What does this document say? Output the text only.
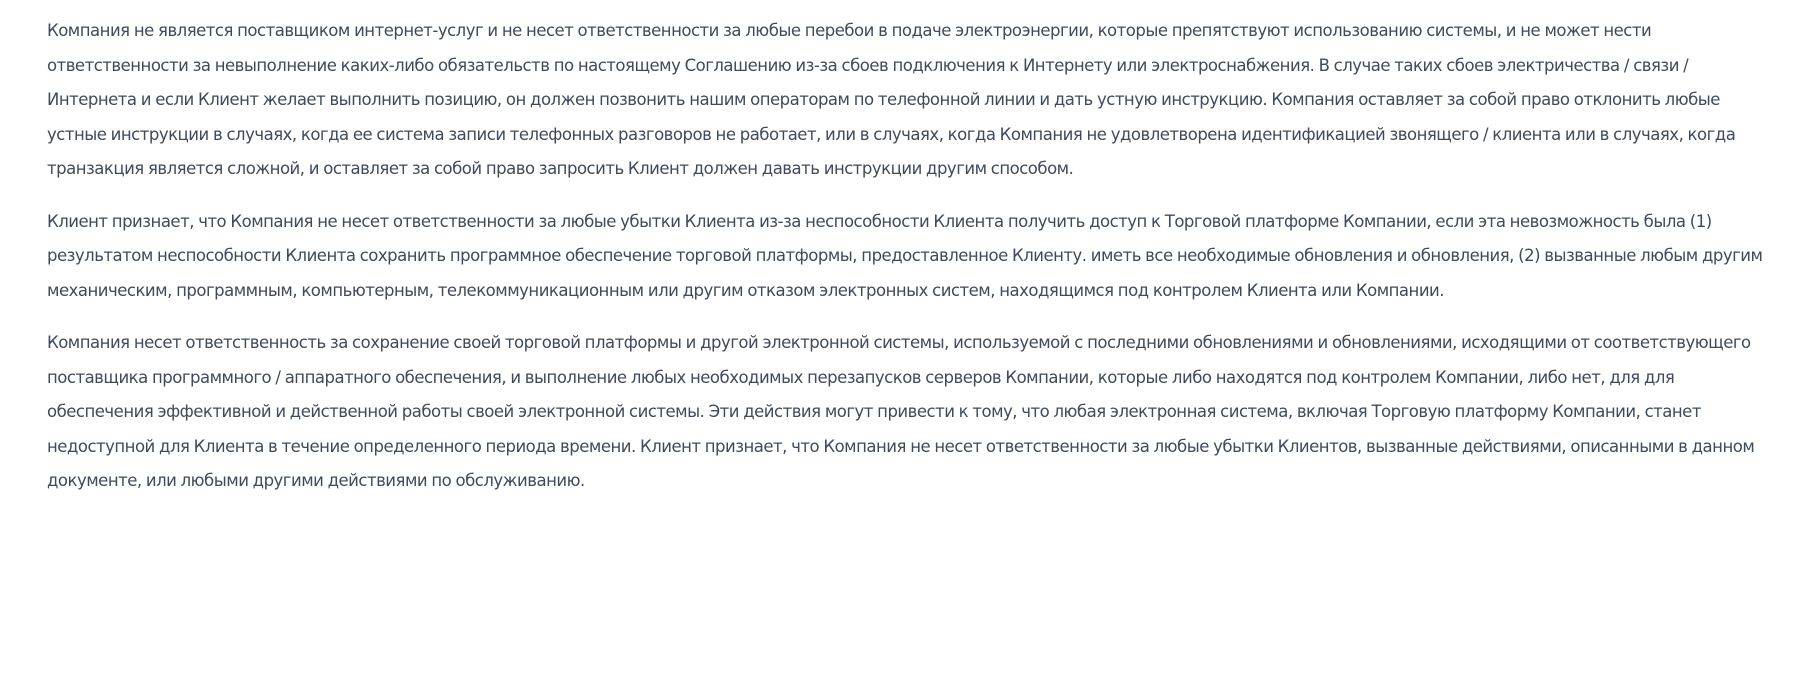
Компания не является поставщиком интернет-услуг и не несет ответственности за любые перебои в подаче электроэнергии, которые препятствуют использованию системы, и не может нести ответственности за невыполнение каких-либо обязательств по настоящему Соглашению из-за сбоев подключения к Интернету или электроснабжения. В случае таких сбоев электричества / связи / Интернета и если Клиент желает выполнить позицию, он должен позвонить нашим операторам по телефонной линии и дать устную инструкцию. Компания оставляет за собой право отклонить любые устные инструкции в случаях, когда ее система записи телефонных разговоров не работает, или в случаях, когда Компания не удовлетворена идентификацией звонящего / клиента или в случаях, когда транзакция является сложной, и оставляет за собой право запросить Клиент должен давать инструкции другим способом.

Клиент признает, что Компания не несет ответственности за любые убытки Клиента из-за неспособности Клиента получить доступ к Торговой платформе Компании, если эта невозможность была (1) результатом неспособности Клиента сохранить программное обеспечение торговой платформы, предоставленное Клиенту. иметь все необходимые обновления и обновления, (2) вызванные любым другим механическим, программным, компьютерным, телекоммуникационным или другим отказом электронных систем, находящимся под контролем Клиента или Компании.

Компания несет ответственность за сохранение своей торговой платформы и другой электронной системы, используемой с последними обновлениями и обновлениями, исходящими от соответствующего поставщика программного / аппаратного обеспечения, и выполнение любых необходимых перезапусков серверов Компании, которые либо находятся под контролем Компании, либо нет, для для обеспечения эффективной и действенной работы своей электронной системы. Эти действия могут привести к тому, что любая электронная система, включая Торговую платформу Компании, станет недоступной для Клиента в течение определенного периода времени. Клиент признает, что Компания не несет ответственности за любые убытки Клиентов, вызванные действиями, описанными в данном документе, или любыми другими действиями по обслуживанию.
